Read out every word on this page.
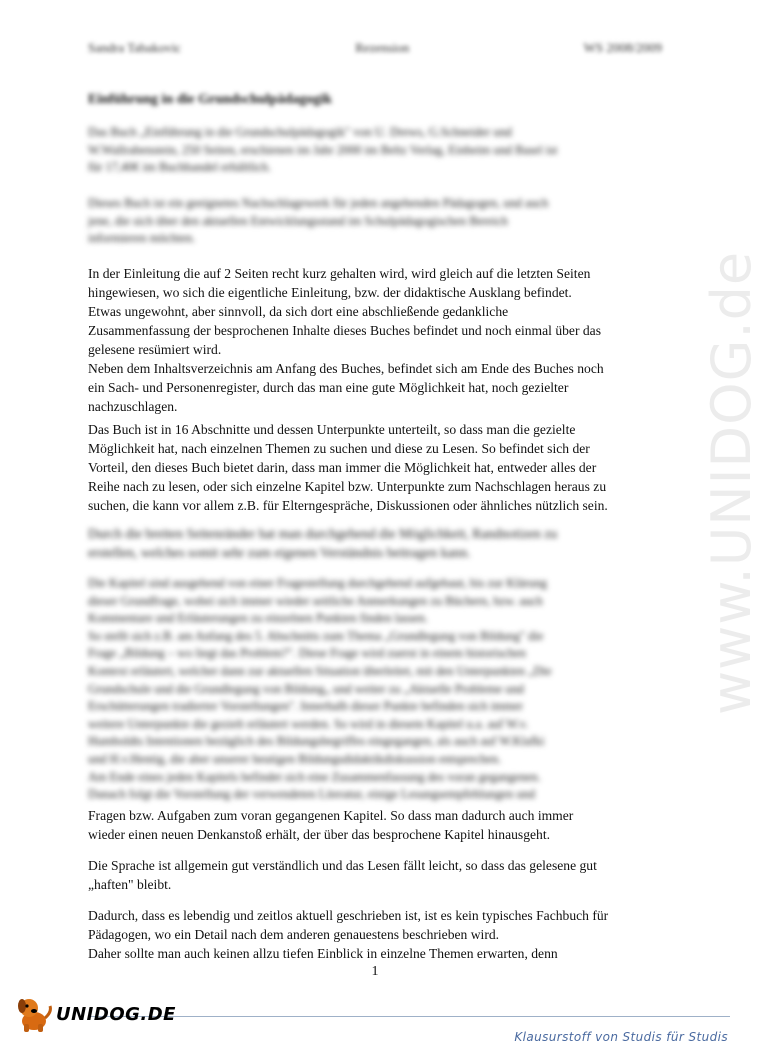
www.UNIDOG.de
Sandra Tabakovic	Rezension	WS 2008/2009
Einführung in die Grundschulpädagogik
Das Buch „Einführung in die Grundschulpädagogik" von U. Drews, G.Schneider und
W.Wallrabenstein, 250 Seiten, erschienen im Jahr 2000 im Beltz Verlag, Einheim und Basel ist
für 17,40€ im Buchhandel erhältlich.
Dieses Buch ist ein geeignetes Nachschlagewerk für jeden angehenden Pädagogen, und auch
jene, die sich über den aktuellen Entwicklungsstand im Schulpädagogischen Bereich
informieren möchten.
In der Einleitung die auf 2 Seiten recht kurz gehalten wird, wird gleich auf die letzten Seiten
hingewiesen, wo sich die eigentliche Einleitung, bzw. der didaktische Ausklang befindet.
Etwas ungewohnt, aber sinnvoll, da sich dort eine abschließende gedankliche
Zusammenfassung der besprochenen Inhalte dieses Buches befindet und noch einmal über das
gelesene resümiert wird.
Neben dem Inhaltsverzeichnis am Anfang des Buches, befindet sich am Ende des Buches noch
ein Sach- und Personenregister, durch das man eine gute Möglichkeit hat, noch gezielter
nachzuschlagen.
Das Buch ist in 16 Abschnitte und dessen Unterpunkte unterteilt, so dass man die gezielte
Möglichkeit hat, nach einzelnen Themen zu suchen und diese zu Lesen. So befindet sich der
Vorteil, den dieses Buch bietet darin, dass man immer die Möglichkeit hat, entweder alles der
Reihe nach zu lesen, oder sich einzelne Kapitel bzw. Unterpunkte zum Nachschlagen heraus zu
suchen, die kann vor allem z.B. für Elterngespräche, Diskussionen oder ähnliches nützlich sein.
Durch die breiten Seitenränder hat man durchgehend die Möglichkeit, Randnotizen zu
erstellen, welches somit sehr zum eigenen Verständnis beitragen kann.
Die Kapitel sind ausgehend von einer Fragestellung durchgehend aufgebaut, bis zur Klärung
dieser Grundfrage, wobei sich immer wieder seitliche Anmerkungen zu Büchern, bzw. auch
Kommentare und Erläuterungen zu einzelnen Punkten finden lassen.
So stellt sich z.B. am Anfang des 5. Abschnitts zum Thema „Grundlegung von Bildung" die
Frage „Bildung – wo liegt das Problem?". Diese Frage wird zuerst in einem historischen
Kontext erläutert, welcher dann zur aktuellen Situation überleitet, mit den Unterpunkten „Die
Grundschule und die Grundlegung von Bildung„ und weiter zu „Aktuelle Probleme und
Erschütterungen tradierter Vorstellungen". Innerhalb dieser Punkte befinden sich immer
weitere Unterpunkte die gezielt erläutert werden. So wird in diesem Kapitel u.a. auf W.v.
Humboldts Intentionen bezüglich des Bildungsbegriffes eingegangen, als auch auf W.Klafki
und H.v.Hentig, die aber unserer heutigen Bildungsdidaktikdiskussion entsprechen.
Am Ende eines jeden Kapitels befindet sich eine Zusammenfassung des voran gegangenen.
Danach folgt die Vorstellung der verwendeten Literatur, einige Lesungsempfehlungen und
Fragen bzw. Aufgaben zum voran gegangenen Kapitel. So dass man dadurch auch immer
wieder einen neuen Denkanstoß erhält, der über das besprochene Kapitel hinausgeht.
Die Sprache ist allgemein gut verständlich und das Lesen fällt leicht, so dass das gelesene gut
„haften" bleibt.
Dadurch, dass es lebendig und zeitlos aktuell geschrieben ist, ist es kein typisches Fachbuch für
Pädagogen, wo ein Detail nach dem anderen genauestens beschrieben wird.
Daher sollte man auch keinen allzu tiefen Einblick in einzelne Themen erwarten, denn
1
UNIDOG.DE
Klausurstoff von Studis für Studis
